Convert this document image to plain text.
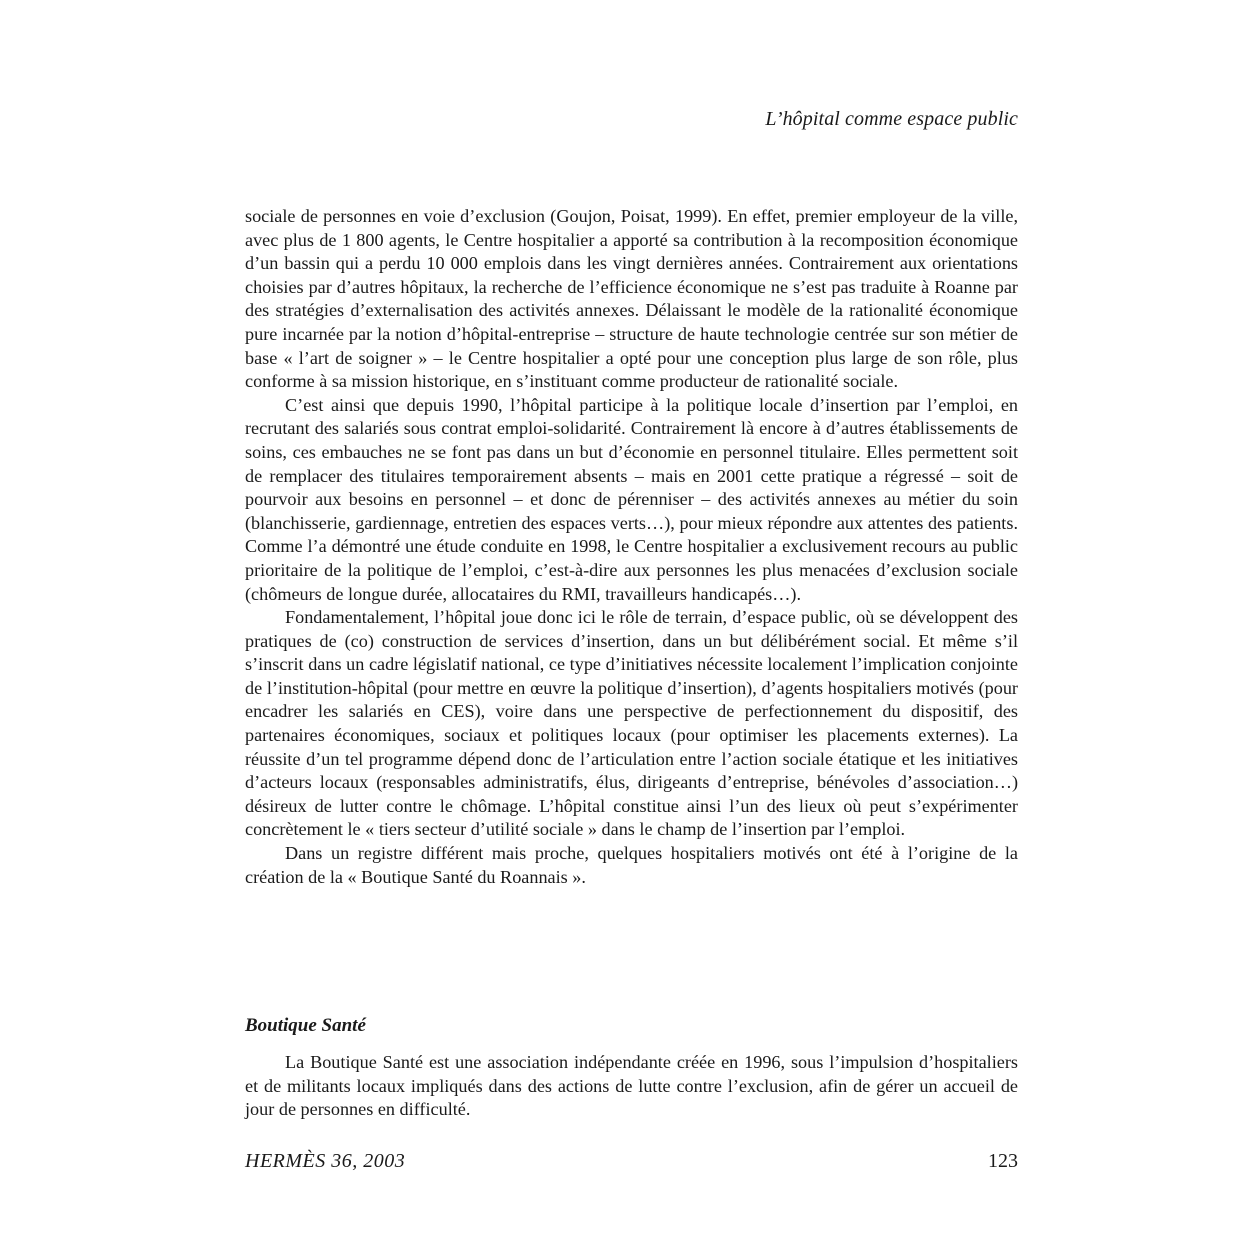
L’hôpital comme espace public

sociale de personnes en voie d’exclusion (Goujon, Poisat, 1999). En effet, premier employeur de la ville, avec plus de 1 800 agents, le Centre hospitalier a apporté sa contribution à la recomposition économique d’un bassin qui a perdu 10 000 emplois dans les vingt dernières années. Contrairement aux orientations choisies par d’autres hôpitaux, la recherche de l’efficience économique ne s’est pas traduite à Roanne par des stratégies d’externalisation des activités annexes. Délaissant le modèle de la rationalité économique pure incarnée par la notion d’hôpital-entreprise – structure de haute technologie centrée sur son métier de base « l’art de soigner » – le Centre hospitalier a opté pour une conception plus large de son rôle, plus conforme à sa mission historique, en s’instituant comme producteur de rationalité sociale.

C’est ainsi que depuis 1990, l’hôpital participe à la politique locale d’insertion par l’emploi, en recrutant des salariés sous contrat emploi-solidarité. Contrairement là encore à d’autres établissements de soins, ces embauches ne se font pas dans un but d’économie en personnel titulaire. Elles permettent soit de remplacer des titulaires temporairement absents – mais en 2001 cette pratique a régressé – soit de pourvoir aux besoins en personnel – et donc de pérenniser – des activités annexes au métier du soin (blanchisserie, gardiennage, entretien des espaces verts…), pour mieux répondre aux attentes des patients. Comme l’a démontré une étude conduite en 1998, le Centre hospitalier a exclusivement recours au public prioritaire de la politique de l’emploi, c’est-à-dire aux personnes les plus menacées d’exclusion sociale (chômeurs de longue durée, allocataires du RMI, travailleurs handicapés…).

Fondamentalement, l’hôpital joue donc ici le rôle de terrain, d’espace public, où se développent des pratiques de (co) construction de services d’insertion, dans un but délibérément social. Et même s’il s’inscrit dans un cadre législatif national, ce type d’initiatives nécessite localement l’implication conjointe de l’institution-hôpital (pour mettre en œuvre la politique d’insertion), d’agents hospitaliers motivés (pour encadrer les salariés en CES), voire dans une perspective de perfectionnement du dispositif, des partenaires économiques, sociaux et politiques locaux (pour optimiser les placements externes). La réussite d’un tel programme dépend donc de l’articulation entre l’action sociale étatique et les initiatives d’acteurs locaux (responsables administratifs, élus, dirigeants d’entreprise, bénévoles d’association…) désireux de lutter contre le chômage. L’hôpital constitue ainsi l’un des lieux où peut s’expérimenter concrètement le « tiers secteur d’utilité sociale » dans le champ de l’insertion par l’emploi.

Dans un registre différent mais proche, quelques hospitaliers motivés ont été à l’origine de la création de la « Boutique Santé du Roannais ».

Boutique Santé

La Boutique Santé est une association indépendante créée en 1996, sous l’impulsion d’hospitaliers et de militants locaux impliqués dans des actions de lutte contre l’exclusion, afin de gérer un accueil de jour de personnes en difficulté.

HERMÈS 36, 2003	123
